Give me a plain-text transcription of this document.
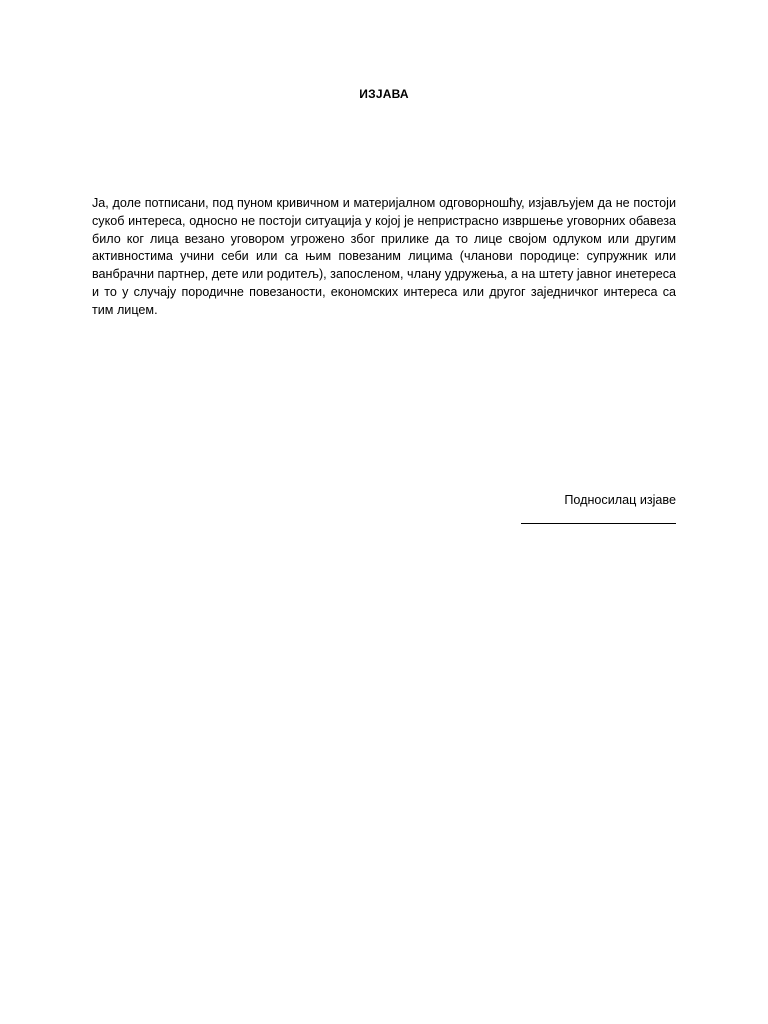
ИЗЈАВА
Ја, доле потписани, под пуном кривичном и материјалном одговорношћу, изјављујем да не постоји сукоб интереса, односно не постоји ситуација у којој је непристрасно извршење уговорних обавеза било ког лица везано уговором угрожено због прилике да то лице својом одлуком или другим активностима учини себи или са њим повезаним лицима (чланови породице: супружник или ванбрачни партнер, дете или родитељ), запосленом, члану удружења, а на штету јавног инетереса и то у случају породичне повезаности, економских интереса или другог заједничког интереса са тим лицем.
Подносилац изјаве
